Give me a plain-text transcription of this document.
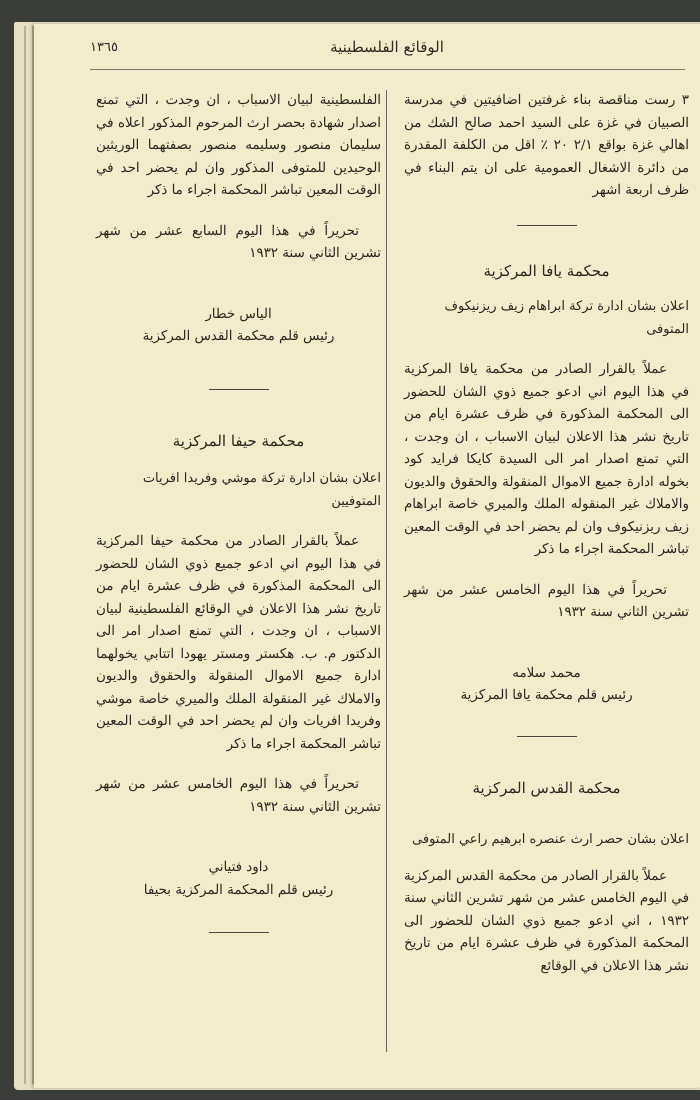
الوقائع الفلسطينية
١٣٦٥

٣ رست مناقصة بناء غرفتين اضافيتين في مدرسة الصبيان في غزة على السيد احمد صالح الشك من اهالي غزة بواقع ٢/١ ٢٠ ٪ اقل من الكلفة المقدرة من دائرة الاشغال العمومية على ان يتم البناء في ظرف اربعة اشهر

محكمة يافا المركزية

اعلان بشان ادارة تركة ابراهام زيف ريزنيكوف المتوفى

عملاً بالقرار الصادر من محكمة يافا المركزية في هذا اليوم اني ادعو جميع ذوي الشان للحضور الى المحكمة المذكورة في ظرف عشرة ايام من تاريخ نشر هذا الاعلان لبيان الاسباب ، ان وجدت ، التي تمنع اصدار امر الى السيدة كايكا فرايد كود بخوله ادارة جميع الاموال المنقولة والحقوق والديون والاملاك غير المنقوله الملك والميري خاصة ابراهام زيف ريزنيكوف وان لم يحضر احد في الوقت المعين تباشر المحكمة اجراء ما ذكر

تحريراً في هذا اليوم الخامس عشر من شهر تشرين الثاني سنة ١٩٣٢

محمد سلامه

رئيس قلم محكمة يافا المركزية

محكمة القدس المركزية

اعلان بشان حصر ارث عنصره ابرهيم راعي المتوفى

عملاً بالقرار الصادر من محكمة القدس المركزية في اليوم الخامس عشر من شهر تشرين الثاني سنة ١٩٣٢ ، اني ادعو جميع ذوي الشان للحضور الى المحكمة المذكورة في ظرف عشرة ايام من تاريخ نشر هذا الاعلان في الوقائع

الفلسطينية لبيان الاسباب ، ان وجدت ، التي تمنع اصدار شهادة بحصر ارث المرحوم المذكور اعلاه في سليمان منصور وسليمه منصور بصفتهما الوريثين الوحيدين للمتوفى المذكور وان لم يحضر احد في الوقت المعين تباشر المحكمة اجراء ما ذكر

تحريراً في هذا اليوم السابع عشر من شهر تشرين الثاني سنة ١٩٣٢

الياس خطار

رئيس قلم محكمة القدس المركزية

محكمة حيفا المركزية

اعلان بشان ادارة تركة موشي وفريدا افريات المتوفيين

عملاً بالقرار الصادر من محكمة حيفا المركزية في هذا اليوم اني ادعو جميع ذوي الشان للحضور الى المحكمة المذكورة في ظرف عشرة ايام من تاريخ نشر هذا الاعلان في الوقائع الفلسطينية لبيان الاسباب ، ان وجدت ، التي تمنع اصدار امر الى الدكتور م. ب. هكستر ومستر يهودا اتتابي يخولهما ادارة جميع الاموال المنقولة والحقوق والديون والاملاك غير المنقولة الملك والميري خاصة موشي وفريدا افريات وان لم يحضر احد في الوقت المعين تباشر المحكمة اجراء ما ذكر

تحريراً في هذا اليوم الخامس عشر من شهر تشرين الثاني سنة ١٩٣٢

داود فتياني

رئيس قلم المحكمة المركزية بحيفا
